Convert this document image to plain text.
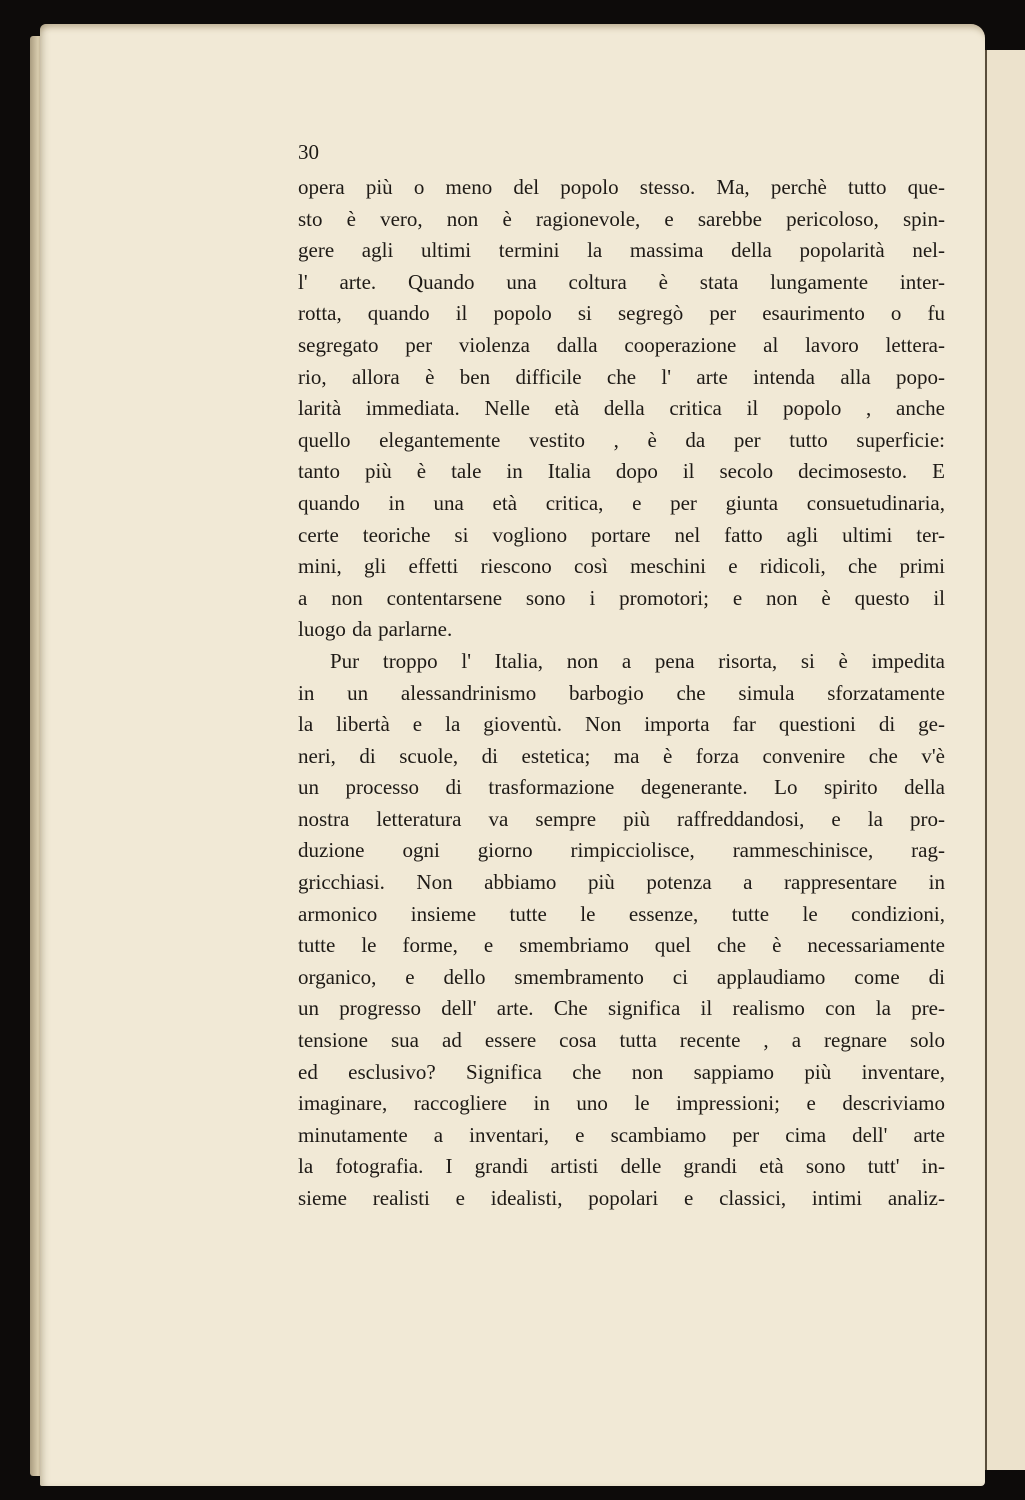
30
opera più o meno del popolo stesso. Ma, perchè tutto que-
sto è vero, non è ragionevole, e sarebbe pericoloso, spin-
gere agli ultimi termini la massima della popolarità nel-
l' arte. Quando una coltura è stata lungamente inter-
rotta, quando il popolo si segregò per esaurimento o fu
segregato per violenza dalla cooperazione al lavoro lettera-
rio, allora è ben difficile che l' arte intenda alla popo-
larità immediata. Nelle età della critica il popolo , anche
quello elegantemente vestito , è da per tutto superficie:
tanto più è tale in Italia dopo il secolo decimosesto. E
quando in una età critica, e per giunta consuetudinaria,
certe teoriche si vogliono portare nel fatto agli ultimi ter-
mini, gli effetti riescono così meschini e ridicoli, che primi
a non contentarsene sono i promotori; e non è questo il
luogo da parlarne.
Pur troppo l' Italia, non a pena risorta, si è impedita
in un alessandrinismo barbogio che simula sforzatamente
la libertà e la gioventù. Non importa far questioni di ge-
neri, di scuole, di estetica; ma è forza convenire che v'è
un processo di trasformazione degenerante. Lo spirito della
nostra letteratura va sempre più raffreddandosi, e la pro-
duzione ogni giorno rimpicciolisce, rammeschinisce, rag-
gricchiasi. Non abbiamo più potenza a rappresentare in
armonico insieme tutte le essenze, tutte le condizioni,
tutte le forme, e smembriamo quel che è necessariamente
organico, e dello smembramento ci applaudiamo come di
un progresso dell' arte. Che significa il realismo con la pre-
tensione sua ad essere cosa tutta recente , a regnare solo
ed esclusivo? Significa che non sappiamo più inventare,
imaginare, raccogliere in uno le impressioni; e descriviamo
minutamente a inventari, e scambiamo per cima dell' arte
la fotografia. I grandi artisti delle grandi età sono tutt' in-
sieme realisti e idealisti, popolari e classici, intimi analiz-
